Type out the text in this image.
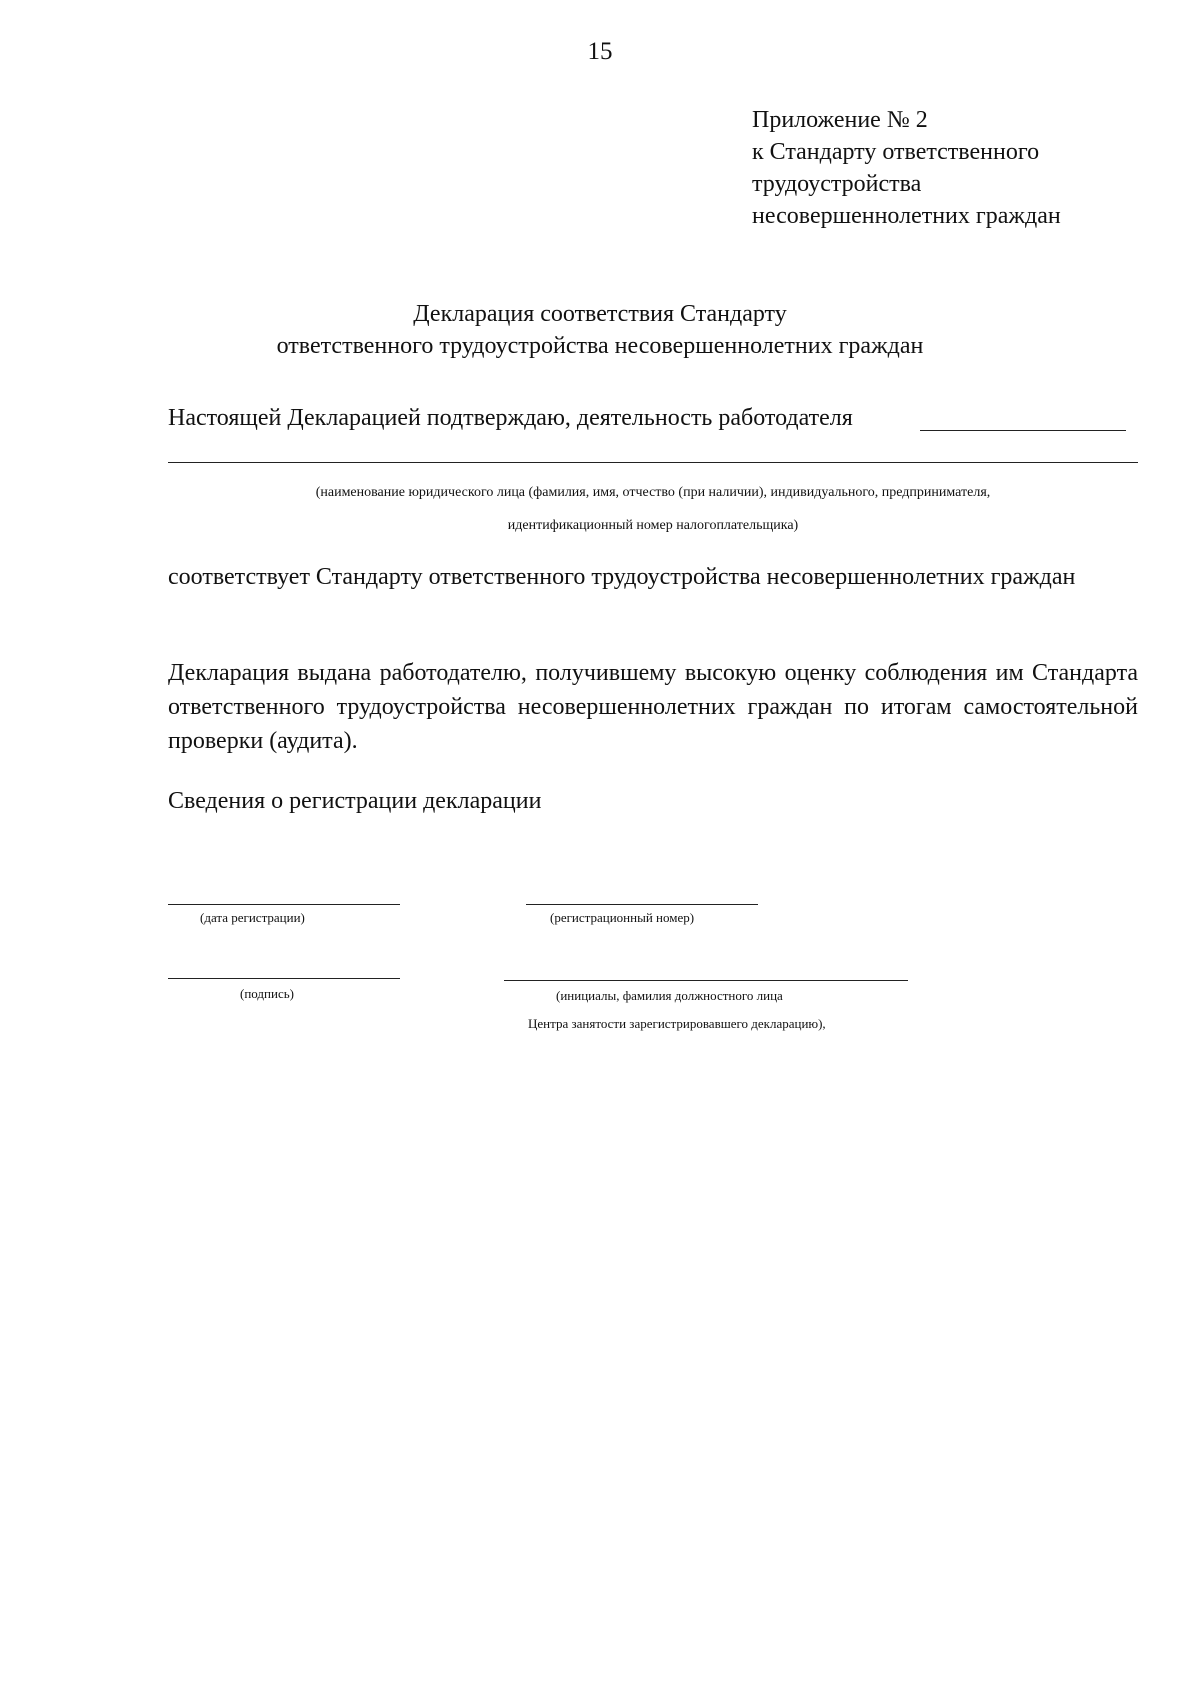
15
Приложение № 2
к Стандарту ответственного
трудоустройства
несовершеннолетних граждан
Декларация соответствия Стандарту
ответственного трудоустройства несовершеннолетних граждан
Настоящей Декларацией подтверждаю, деятельность работодателя
(наименование юридического лица (фамилия, имя, отчество (при наличии), индивидуального, предпринимателя,
идентификационный номер налогоплательщика)
соответствует Стандарту ответственного трудоустройства несовершеннолетних граждан
Декларация выдана работодателю, получившему высокую оценку соблюдения им Стандарта ответственного трудоустройства несовершеннолетних граждан по итогам самостоятельной проверки (аудита).
Сведения о регистрации декларации
(дата регистрации)	(регистрационный номер)
(подпись)	(инициалы, фамилия должностного лица
Центра занятости зарегистрировавшего декларацию),
